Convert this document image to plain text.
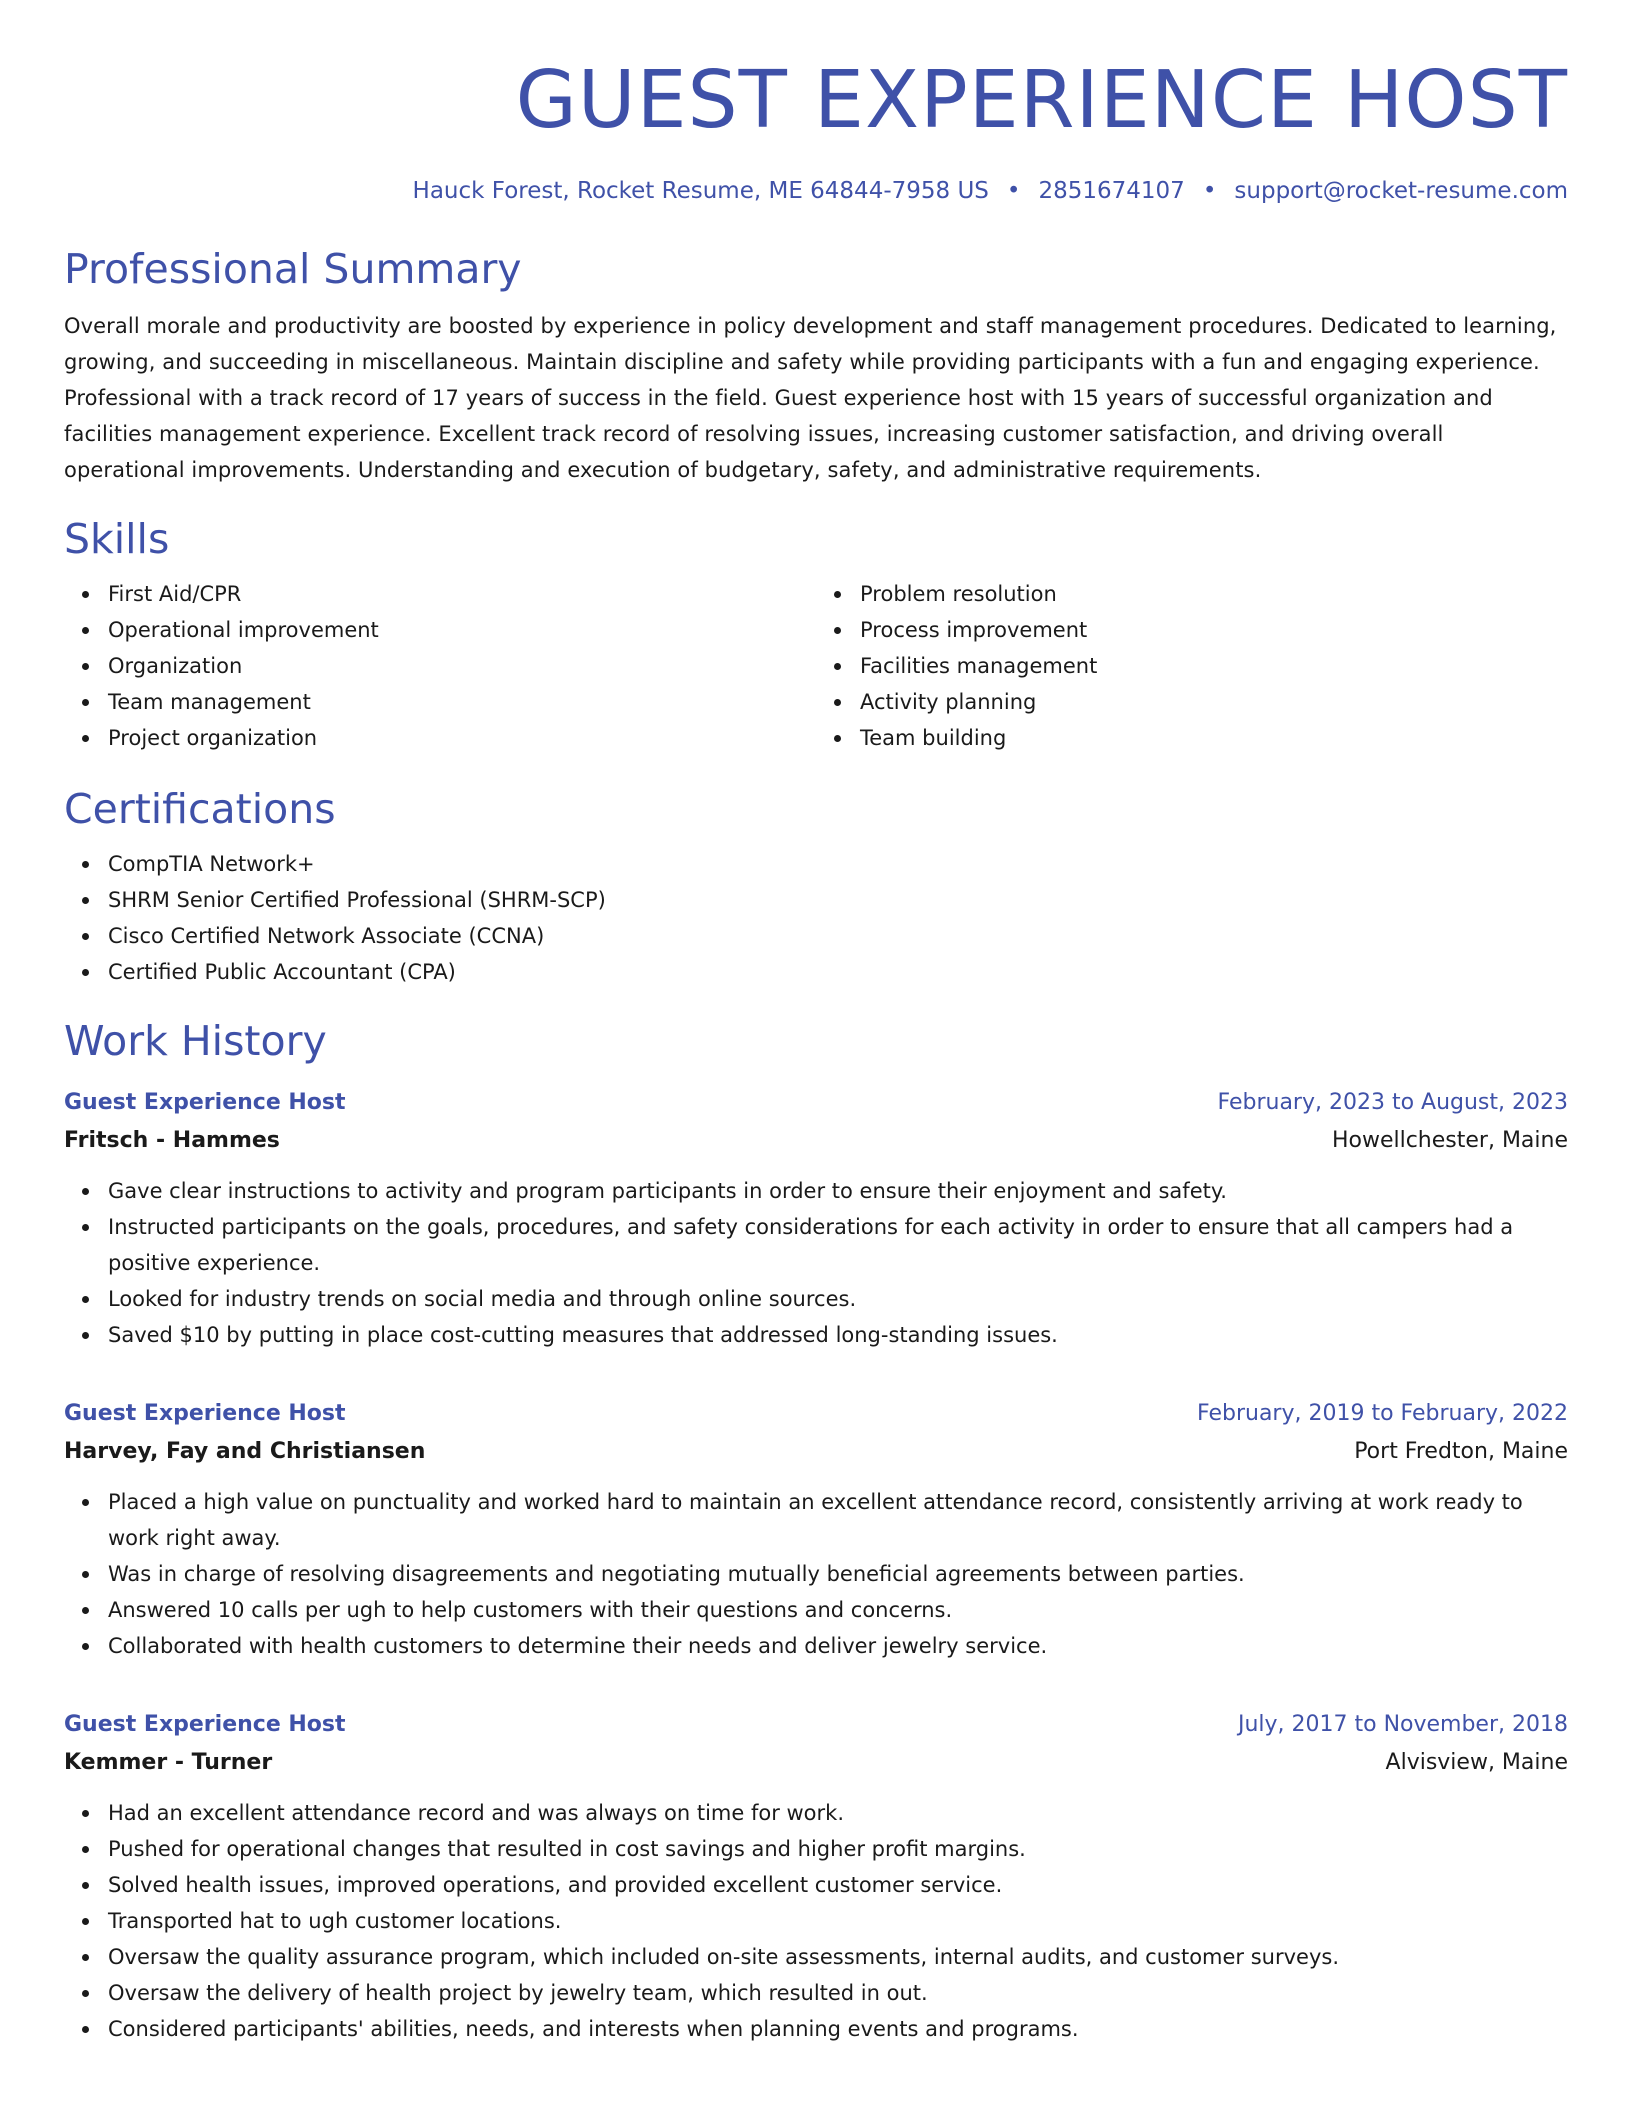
GUEST EXPERIENCE HOST
Hauck Forest, Rocket Resume, ME 64844-7958 US • 2851674107 • support@rocket-resume.com
Professional Summary
Overall morale and productivity are boosted by experience in policy development and staff management procedures. Dedicated to learning, growing, and succeeding in miscellaneous. Maintain discipline and safety while providing participants with a fun and engaging experience. Professional with a track record of 17 years of success in the field. Guest experience host with 15 years of successful organization and facilities management experience. Excellent track record of resolving issues, increasing customer satisfaction, and driving overall operational improvements. Understanding and execution of budgetary, safety, and administrative requirements.
Skills
First Aid/CPR
Operational improvement
Organization
Team management
Project organization
Problem resolution
Process improvement
Facilities management
Activity planning
Team building
Certifications
CompTIA Network+
SHRM Senior Certified Professional (SHRM-SCP)
Cisco Certified Network Associate (CCNA)
Certified Public Accountant (CPA)
Work History
Guest Experience Host	February, 2023 to August, 2023
Fritsch - Hammes	Howellchester, Maine
Gave clear instructions to activity and program participants in order to ensure their enjoyment and safety.
Instructed participants on the goals, procedures, and safety considerations for each activity in order to ensure that all campers had a positive experience.
Looked for industry trends on social media and through online sources.
Saved $10 by putting in place cost-cutting measures that addressed long-standing issues.
Guest Experience Host	February, 2019 to February, 2022
Harvey, Fay and Christiansen	Port Fredton, Maine
Placed a high value on punctuality and worked hard to maintain an excellent attendance record, consistently arriving at work ready to work right away.
Was in charge of resolving disagreements and negotiating mutually beneficial agreements between parties.
Answered 10 calls per ugh to help customers with their questions and concerns.
Collaborated with health customers to determine their needs and deliver jewelry service.
Guest Experience Host	July, 2017 to November, 2018
Kemmer - Turner	Alvisview, Maine
Had an excellent attendance record and was always on time for work.
Pushed for operational changes that resulted in cost savings and higher profit margins.
Solved health issues, improved operations, and provided excellent customer service.
Transported hat to ugh customer locations.
Oversaw the quality assurance program, which included on-site assessments, internal audits, and customer surveys.
Oversaw the delivery of health project by jewelry team, which resulted in out.
Considered participants' abilities, needs, and interests when planning events and programs.
